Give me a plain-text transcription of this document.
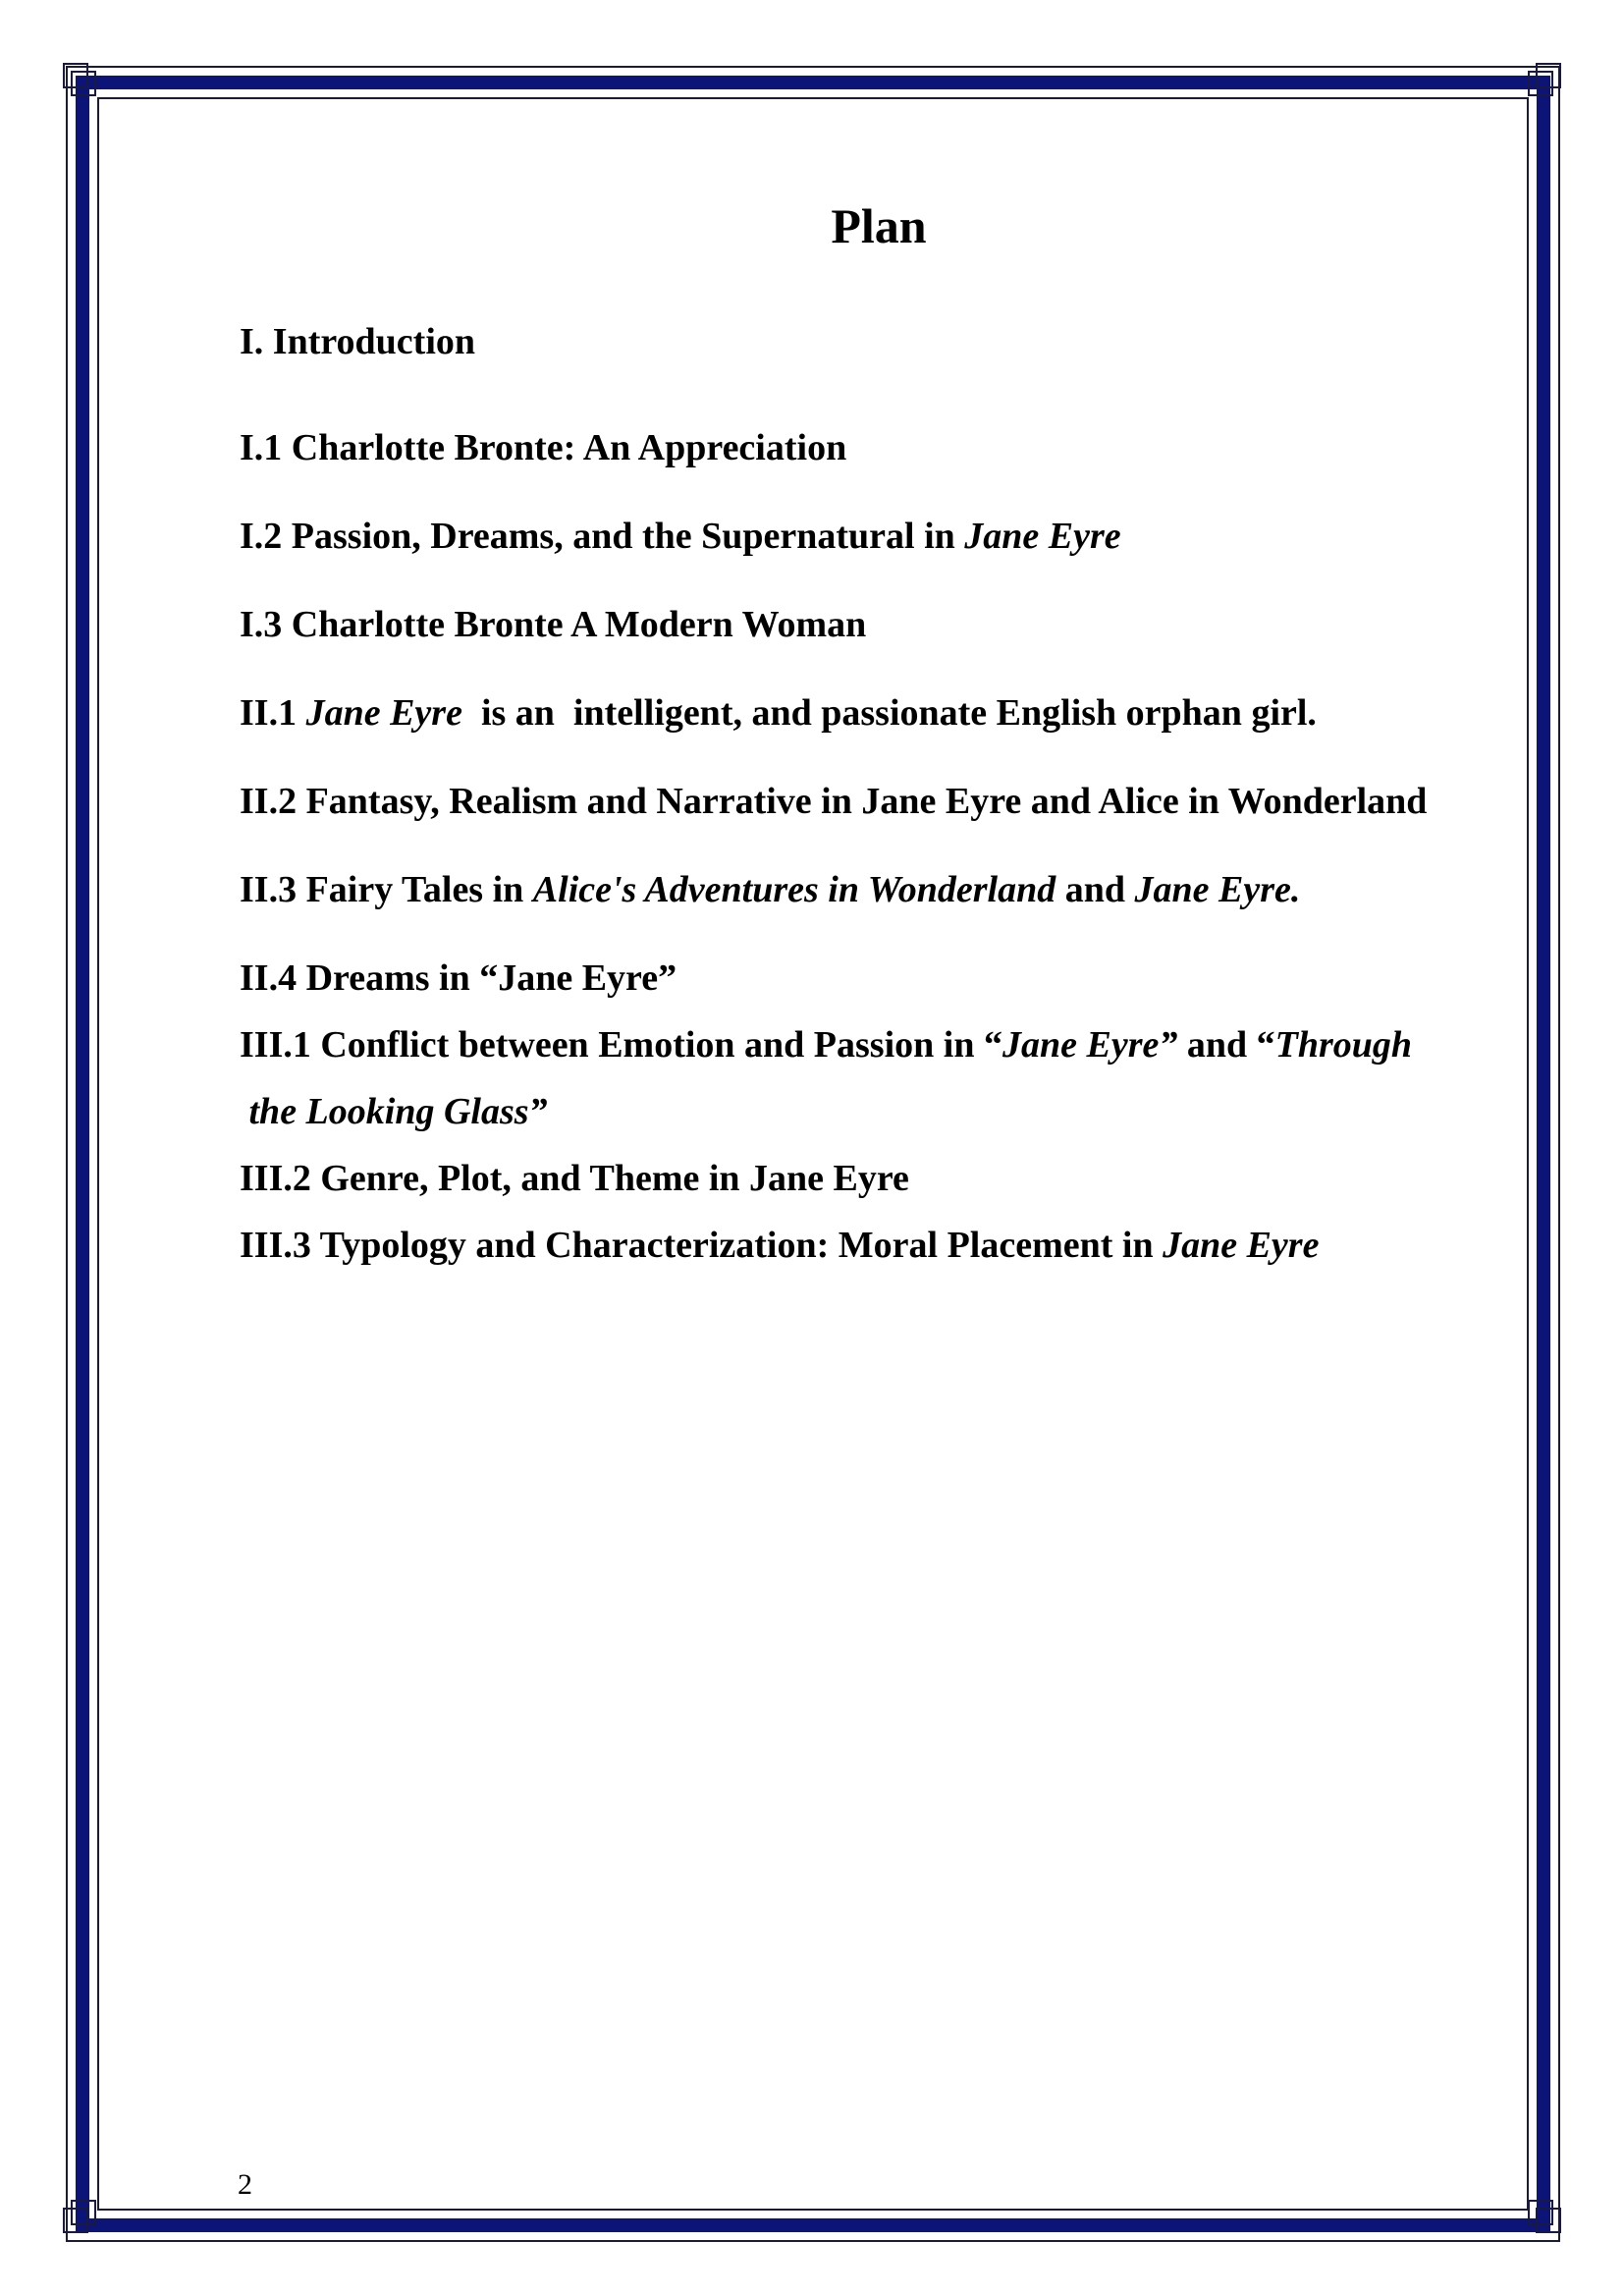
Plan
I. Introduction
I.1 Charlotte Bronte: An Appreciation
I.2 Passion, Dreams, and the Supernatural in Jane Eyre
I.3 Charlotte Bronte A Modern Woman
II.1 Jane Eyre  is an  intelligent, and passionate English orphan girl.
II.2 Fantasy, Realism and Narrative in Jane Eyre and Alice in Wonderland
II.3 Fairy Tales in Alice's Adventures in Wonderland and Jane Eyre.
II.4 Dreams in “Jane Eyre”
III.1 Conflict between Emotion and Passion in “Jane Eyre” and “Through
the Looking Glass”
III.2 Genre, Plot, and Theme in Jane Eyre
III.3 Typology and Characterization: Moral Placement in Jane Eyre
2
